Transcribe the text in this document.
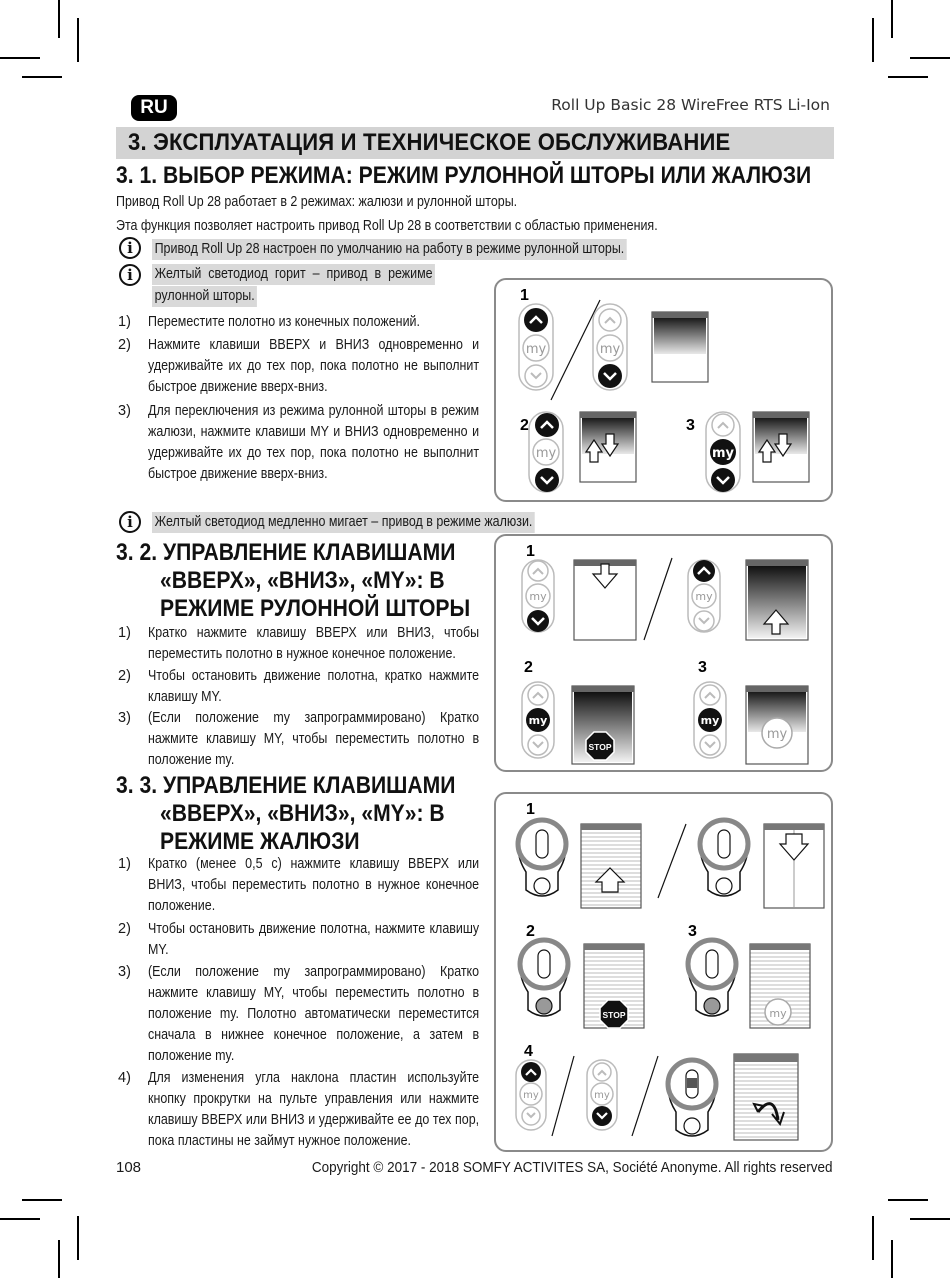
RU	Roll Up Basic 28 WireFree RTS Li-Ion
3. ЭКСПЛУАТАЦИЯ И ТЕХНИЧЕСКОЕ ОБСЛУЖИВАНИЕ
3. 1. ВЫБОР РЕЖИМА: РЕЖИМ РУЛОННОЙ ШТОРЫ ИЛИ ЖАЛЮЗИ
Привод Roll Up 28 работает в 2 режимах: жалюзи и рулонной шторы.
Эта функция позволяет настроить привод Roll Up 28 в соответствии с областью применения.
i	Привод Roll Up 28 настроен по умолчанию на работу в режиме рулонной шторы.
i	Желтый  светодиод  горит  –  привод  в  режиме
рулонной шторы.
1)	Переместите полотно из конечных положений.
2)	Нажмите клавиши ВВЕРХ и ВНИЗ одновременно и удерживайте их до тех пор, пока полотно не выполнит быстрое движение вверх-вниз.
3)	Для переключения из режима рулонной шторы в режим жалюзи, нажмите клавиши MY и ВНИЗ одновременно и удерживайте их до тех пор, пока полотно не выполнит быстрое движение вверх-вниз.
i	Желтый светодиод медленно мигает – привод в режиме жалюзи.
3. 2. УПРАВЛЕНИЕ КЛАВИШАМИ
«ВВЕРХ», «ВНИЗ», «MY»: В
РЕЖИМЕ РУЛОННОЙ ШТОРЫ
1)	Кратко нажмите клавишу ВВЕРХ или ВНИЗ, чтобы переместить полотно в нужное конечное положение.
2)	Чтобы остановить движение полотна, кратко нажмите клавишу MY.
3)	(Если положение my запрограммировано) Кратко нажмите клавишу MY, чтобы переместить полотно в положение my.
3. 3. УПРАВЛЕНИЕ КЛАВИШАМИ
«ВВЕРХ», «ВНИЗ», «MY»: В
РЕЖИМЕ ЖАЛЮЗИ
1)	Кратко (менее 0,5 с) нажмите клавишу ВВЕРХ или ВНИЗ, чтобы переместить полотно в нужное конечное положение.
2)	Чтобы остановить движение полотна, нажмите клавишу MY.
3)	(Если положение my запрограммировано) Кратко нажмите клавишу MY, чтобы переместить полотно в положение my. Полотно автоматически переместится сначала в нижнее конечное положение, а затем в положение my.
4)	Для изменения угла наклона пластин используйте кнопку прокрутки на пульте управления или нажмите клавишу ВВЕРХ или ВНИЗ и удерживайте ее до тех пор, пока пластины не займут нужное положение.
1
my	my
2
my
3
my
1
my	my
2
my
STOP
3
my
my
1
2
STOP
3
my
4
my	my
108	Copyright © 2017 - 2018 SOMFY ACTIVITES SA, Société Anonyme. All rights reserved
